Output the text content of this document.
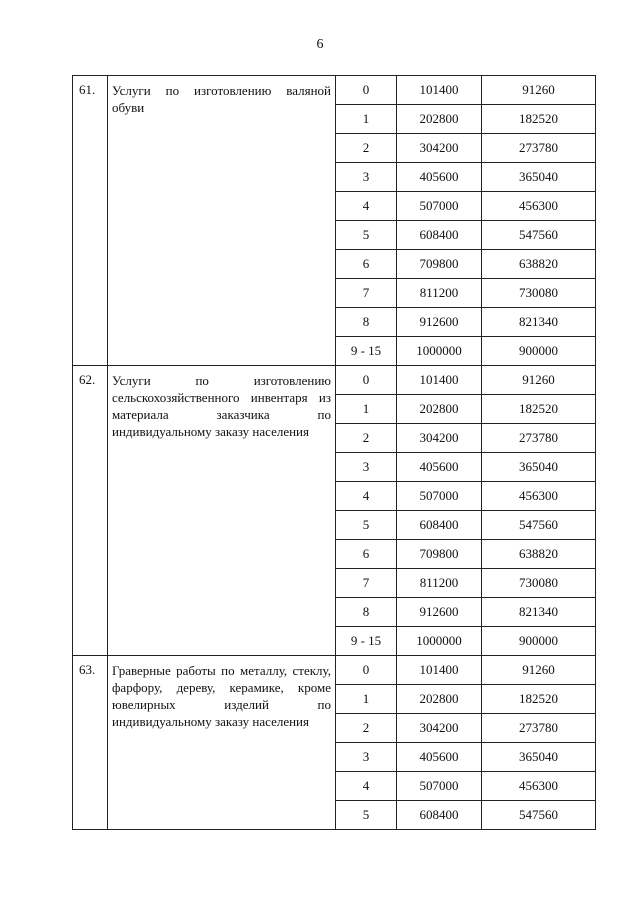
6
61.	Услуги по изготовлению валяной обуви	0	101400	91260
		1	202800	182520
		2	304200	273780
		3	405600	365040
		4	507000	456300
		5	608400	547560
		6	709800	638820
		7	811200	730080
		8	912600	821340
		9 - 15	1000000	900000
62.	Услуги по изготовлению сельскохозяйственного инвентаря из материала заказчика по индивидуальному заказу населения	0	101400	91260
		1	202800	182520
		2	304200	273780
		3	405600	365040
		4	507000	456300
		5	608400	547560
		6	709800	638820
		7	811200	730080
		8	912600	821340
		9 - 15	1000000	900000
63.	Граверные работы по металлу, стеклу, фарфору, дереву, керамике, кроме ювелирных изделий по индивидуальному заказу населения	0	101400	91260
		1	202800	182520
		2	304200	273780
		3	405600	365040
		4	507000	456300
		5	608400	547560
